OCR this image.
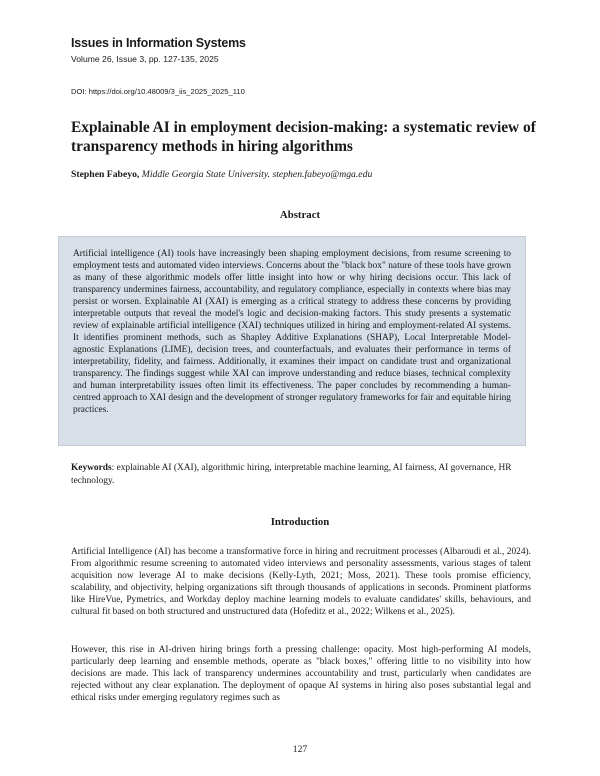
Issues in Information Systems
Volume 26, Issue 3, pp. 127-135, 2025
DOI: https://doi.org/10.48009/3_iis_2025_2025_110
Explainable AI in employment decision-making: a systematic review of transparency methods in hiring algorithms
Stephen Fabeyo, Middle Georgia State University. stephen.fabeyo@mga.edu
Abstract

Artificial intelligence (AI) tools have increasingly been shaping employment decisions, from resume screening to employment tests and automated video interviews. Concerns about the "black box" nature of these tools have grown as many of these algorithmic models offer little insight into how or why hiring decisions occur. This lack of transparency undermines fairness, accountability, and regulatory compliance, especially in contexts where bias may persist or worsen. Explainable AI (XAI) is emerging as a critical strategy to address these concerns by providing interpretable outputs that reveal the model's logic and decision-making factors. This study presents a systematic review of explainable artificial intelligence (XAI) techniques utilized in hiring and employment-related AI systems. It identifies prominent methods, such as Shapley Additive Explanations (SHAP), Local Interpretable Model-agnostic Explanations (LIME), decision trees, and counterfactuals, and evaluates their performance in terms of interpretability, fidelity, and fairness. Additionally, it examines their impact on candidate trust and organizational transparency. The findings suggest while XAI can improve understanding and reduce biases, technical complexity and human interpretability issues often limit its effectiveness. The paper concludes by recommending a human-centred approach to XAI design and the development of stronger regulatory frameworks for fair and equitable hiring practices.

Keywords: explainable AI (XAI), algorithmic hiring, interpretable machine learning, AI fairness, AI governance, HR technology.

Introduction

Artificial Intelligence (AI) has become a transformative force in hiring and recruitment processes (Albaroudi et al., 2024). From algorithmic resume screening to automated video interviews and personality assessments, various stages of talent acquisition now leverage AI to make decisions (Kelly-Lyth, 2021; Moss, 2021). These tools promise efficiency, scalability, and objectivity, helping organizations sift through thousands of applications in seconds. Prominent platforms like HireVue, Pymetrics, and Workday deploy machine learning models to evaluate candidates' skills, behaviours, and cultural fit based on both structured and unstructured data (Hofeditz et al., 2022; Wilkens et al., 2025).

However, this rise in AI-driven hiring brings forth a pressing challenge: opacity. Most high-performing AI models, particularly deep learning and ensemble methods, operate as "black boxes," offering little to no visibility into how decisions are made. This lack of transparency undermines accountability and trust, particularly when candidates are rejected without any clear explanation. The deployment of opaque AI systems in hiring also poses substantial legal and ethical risks under emerging regulatory regimes such as

127
